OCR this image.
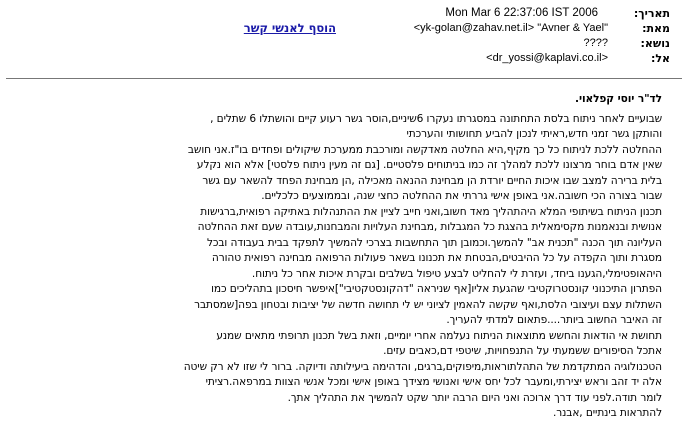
תאריך:
Mon Mar 6 22:37:06 IST 2006
מאת:
<yk-golan@zahav.net.il> "Avner & Yael"
הוסף לאנשי קשר
נושא:
????
אל:
<dr_yossi@kaplavi.co.il>
לד"ר יוסי קפלאוי.
שבועיים לאחר ניתוח בלסת התחתונה במסגרתו נעקרו 6שיניים,הוסר גשר רעוע קיים והושתלו 6 שתלים ,
והותקן גשר זמני חדש,ראיתי לנכון להביע תחושותי והערכתי
ההחלטה ללכת לניתוח כל כך מקיף,היא החלטה מאדקשה ומורכבת ממערכת שיקולים ופחדים בו"ז.אני חושב
שאין אדם בוחר מרצונו ללכת למהלך זה כמו בניתוחים פלסטיים. [גם זה מעין ניתוח פלסטי] אלא הוא נקלע
בלית ברירה למצב שבו איכות החיים יורדת הן מבחינת ההנאה מאכילה ,הן מבחינת הפחד להשאר עם גשר
שבור בצורה הכי חשובה.אני באופן אישי גררתי את ההחלטה כחצי שנה, ובממוצעים כלכליים.
תכנון הניתוח בשיתופי המלא היהתהליך מאד חשוב,ואני חייב לציין את ההתנהלות באתיקה רפואית,ברגישות
אנושית ובנאמנות מקסימאלית בהצגת כל המגבלות ,מבחינת העלויות והמבחנות,עובדה שעם זאת ההחלטה
העליונה תוך הכנה "תכנית אב" להמשך.וכמובן תוך התחשבות בצרכי להמשיך לתפקד בבית בעבודה ובכל
מסגרת ותוך הקפדה על כל ההיבטים,הבטחת את תכנונו בשאר פעולות הרפואה מבחינה רפואית טהורה
היהאופטימלי,הגענו ביחד, ועזרת לי להחליט לבצע טיפול בשלבים ובקרת איכות אחר כל ניתוח.
הפתרון התיכנוני קונסטרוקטיבי שהגעת אליו[אף שניראה "דהקונסטקטיבי"]איפשר חיסכון בתהליכים כמו
השתלות עצם ועיצובי הלסת,ואף שקשה להאמין לציוני יש לי תחושה חדשה של יציבות ובטחון בפה[שמסתבר
זה האיבר החשוב ביותר....פתאום למדתי להעריך.
תחושת אי הודאות והחשש מתוצאות הניתוח נעלמה אחרי יומיים, וזאת בשל תכנון תרופתי מתאים שמנע
אתכל הסיפורים ששמעתי על התנפחויות, שיטפי דם,כאבים עזים.
הטכנולוגיה המתקדמת של התהלתוראות,מיפוקים,ברגים, והדהימה ביעילותה ודיוקה. ברור לי שזו לא רק שיטה
אלה יד זהב וראש יצירתי,ומעבר לכל יחס אישי ואנושי מצידך באופן אישי ומכל אנשי הצוות במרפאה.רציתי
לומר תודה.לפני עוד דרך ארוכה ואני היום הרבה יותר שקט להמשיך את התהליך אתך.
להתראות בינתיים ,אבנר.
